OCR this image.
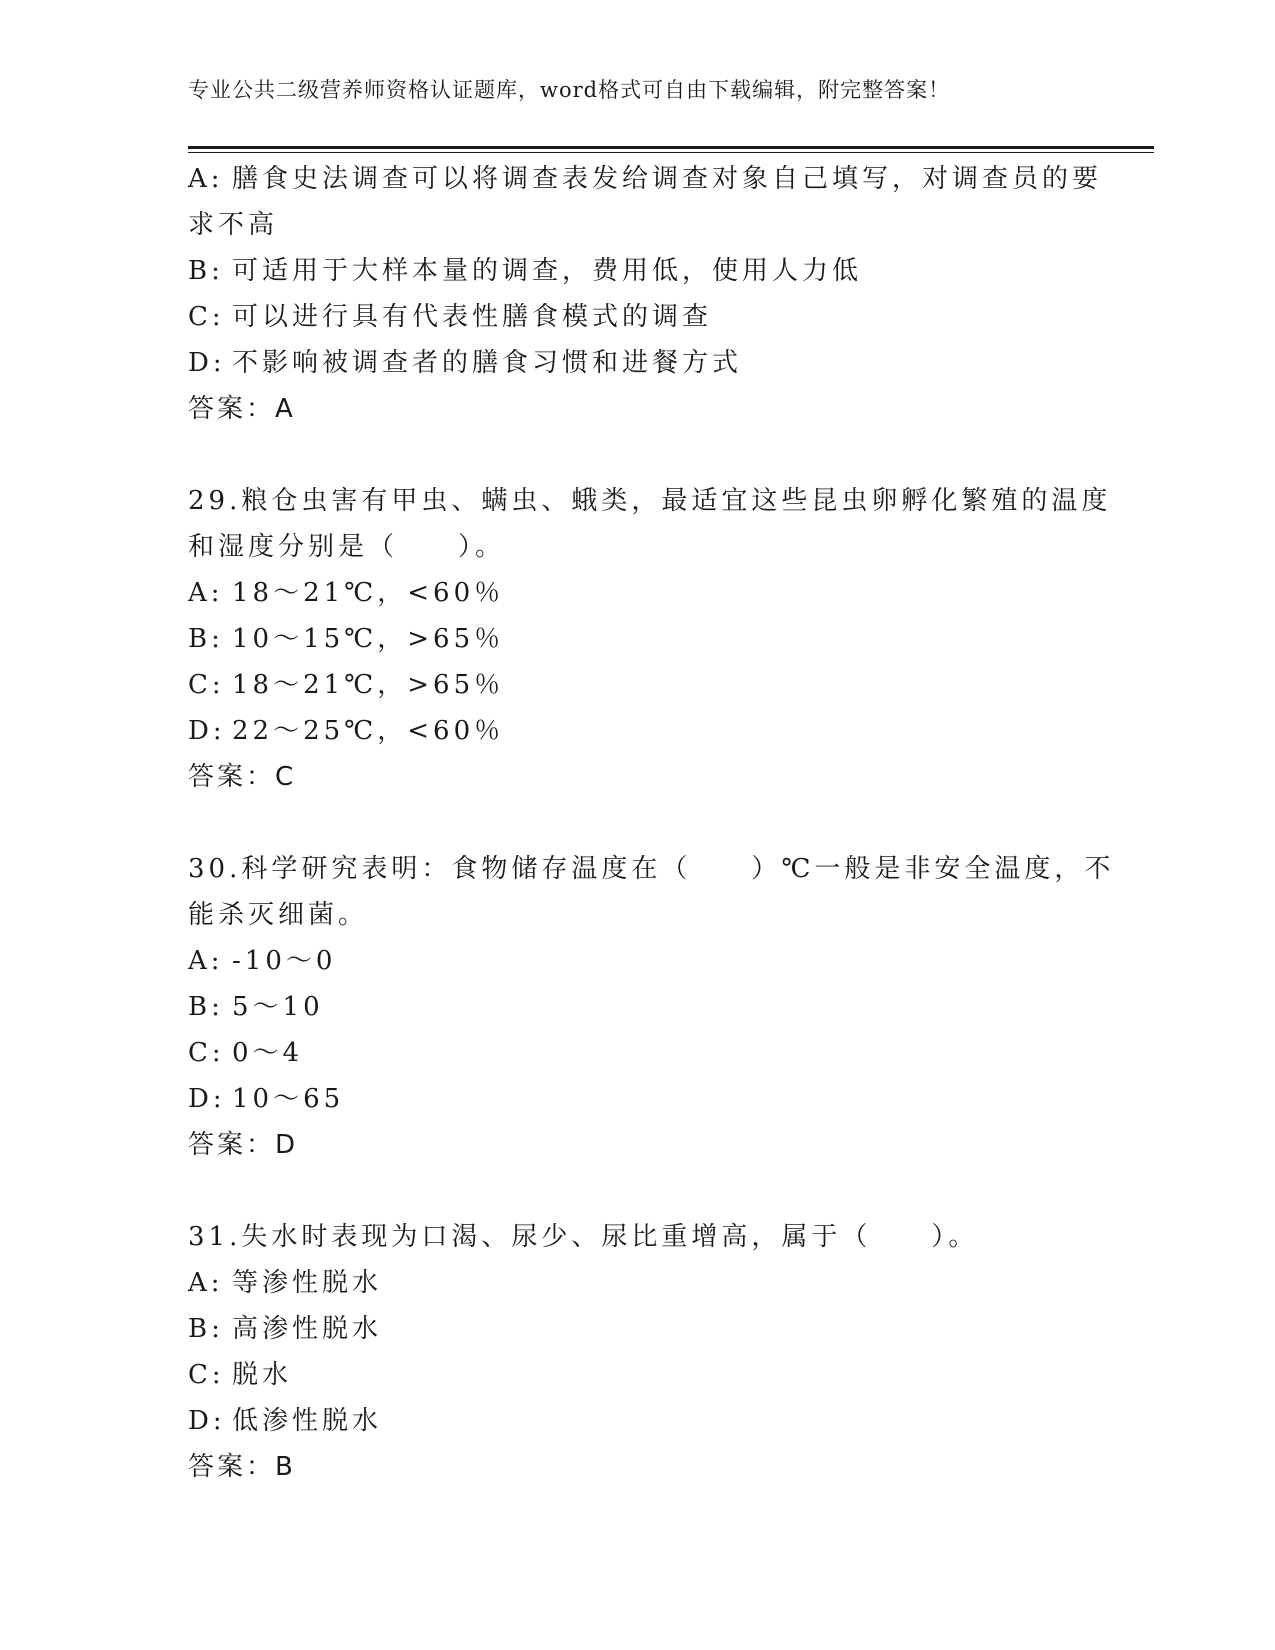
专业公共二级营养师资格认证题库，word格式可自由下载编辑，附完整答案！
A: 膳食史法调查可以将调查表发给调查对象自己填写，对调查员的要
求不高
B: 可适用于大样本量的调查，费用低，使用人力低
C: 可以进行具有代表性膳食模式的调查
D: 不影响被调查者的膳食习惯和进餐方式
答案：A
29.粮仓虫害有甲虫、螨虫、蛾类，最适宜这些昆虫卵孵化繁殖的温度
和湿度分别是（　　）。
A: 18～21℃，<60％
B: 10～15℃，>65％
C: 18～21℃，>65％
D: 22～25℃，<60％
答案：C
30.科学研究表明：食物储存温度在（　　）℃一般是非安全温度，不
能杀灭细菌。
A: -10～0
B: 5～10
C: 0～4
D: 10～65
答案：D
31.失水时表现为口渴、尿少、尿比重增高，属于（　　）。
A: 等渗性脱水
B: 高渗性脱水
C: 脱水
D: 低渗性脱水
答案：B
